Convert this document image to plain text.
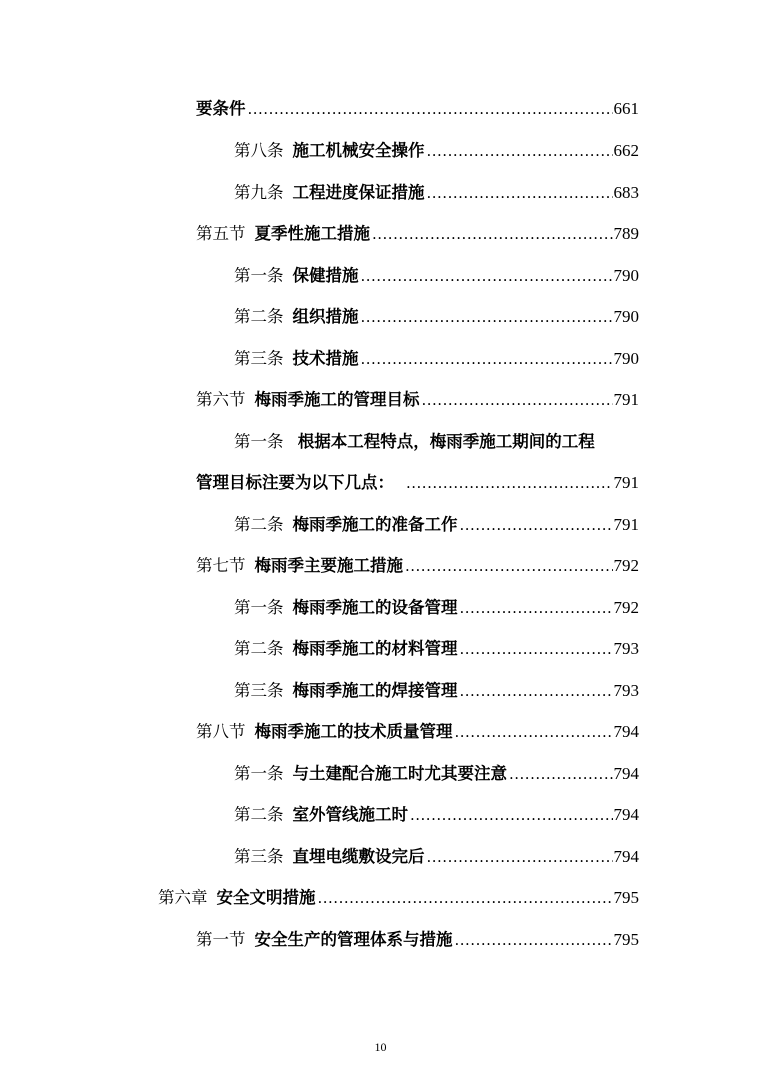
要条件 .....	661
第八条 施工机械安全操作 .....	662
第九条 工程进度保证措施 .....	683
第五节 夏季性施工措施 .....	789
第一条 保健措施 .....	790
第二条 组织措施 .....	790
第三条 技术措施 .....	790
第六节 梅雨季施工的管理目标 .....	791
第一条 根据本工程特点，梅雨季施工期间的工程
管理目标注要为以下几点： .....	791
第二条 梅雨季施工的准备工作 .....	791
第七节 梅雨季主要施工措施 .....	792
第一条 梅雨季施工的设备管理 .....	792
第二条 梅雨季施工的材料管理 .....	793
第三条 梅雨季施工的焊接管理 .....	793
第八节 梅雨季施工的技术质量管理 .....	794
第一条 与土建配合施工时尤其要注意 .....	794
第二条 室外管线施工时 .....	794
第三条 直埋电缆敷设完后 .....	794
第六章 安全文明措施 .....	795
第一节 安全生产的管理体系与措施 .....	795
10
